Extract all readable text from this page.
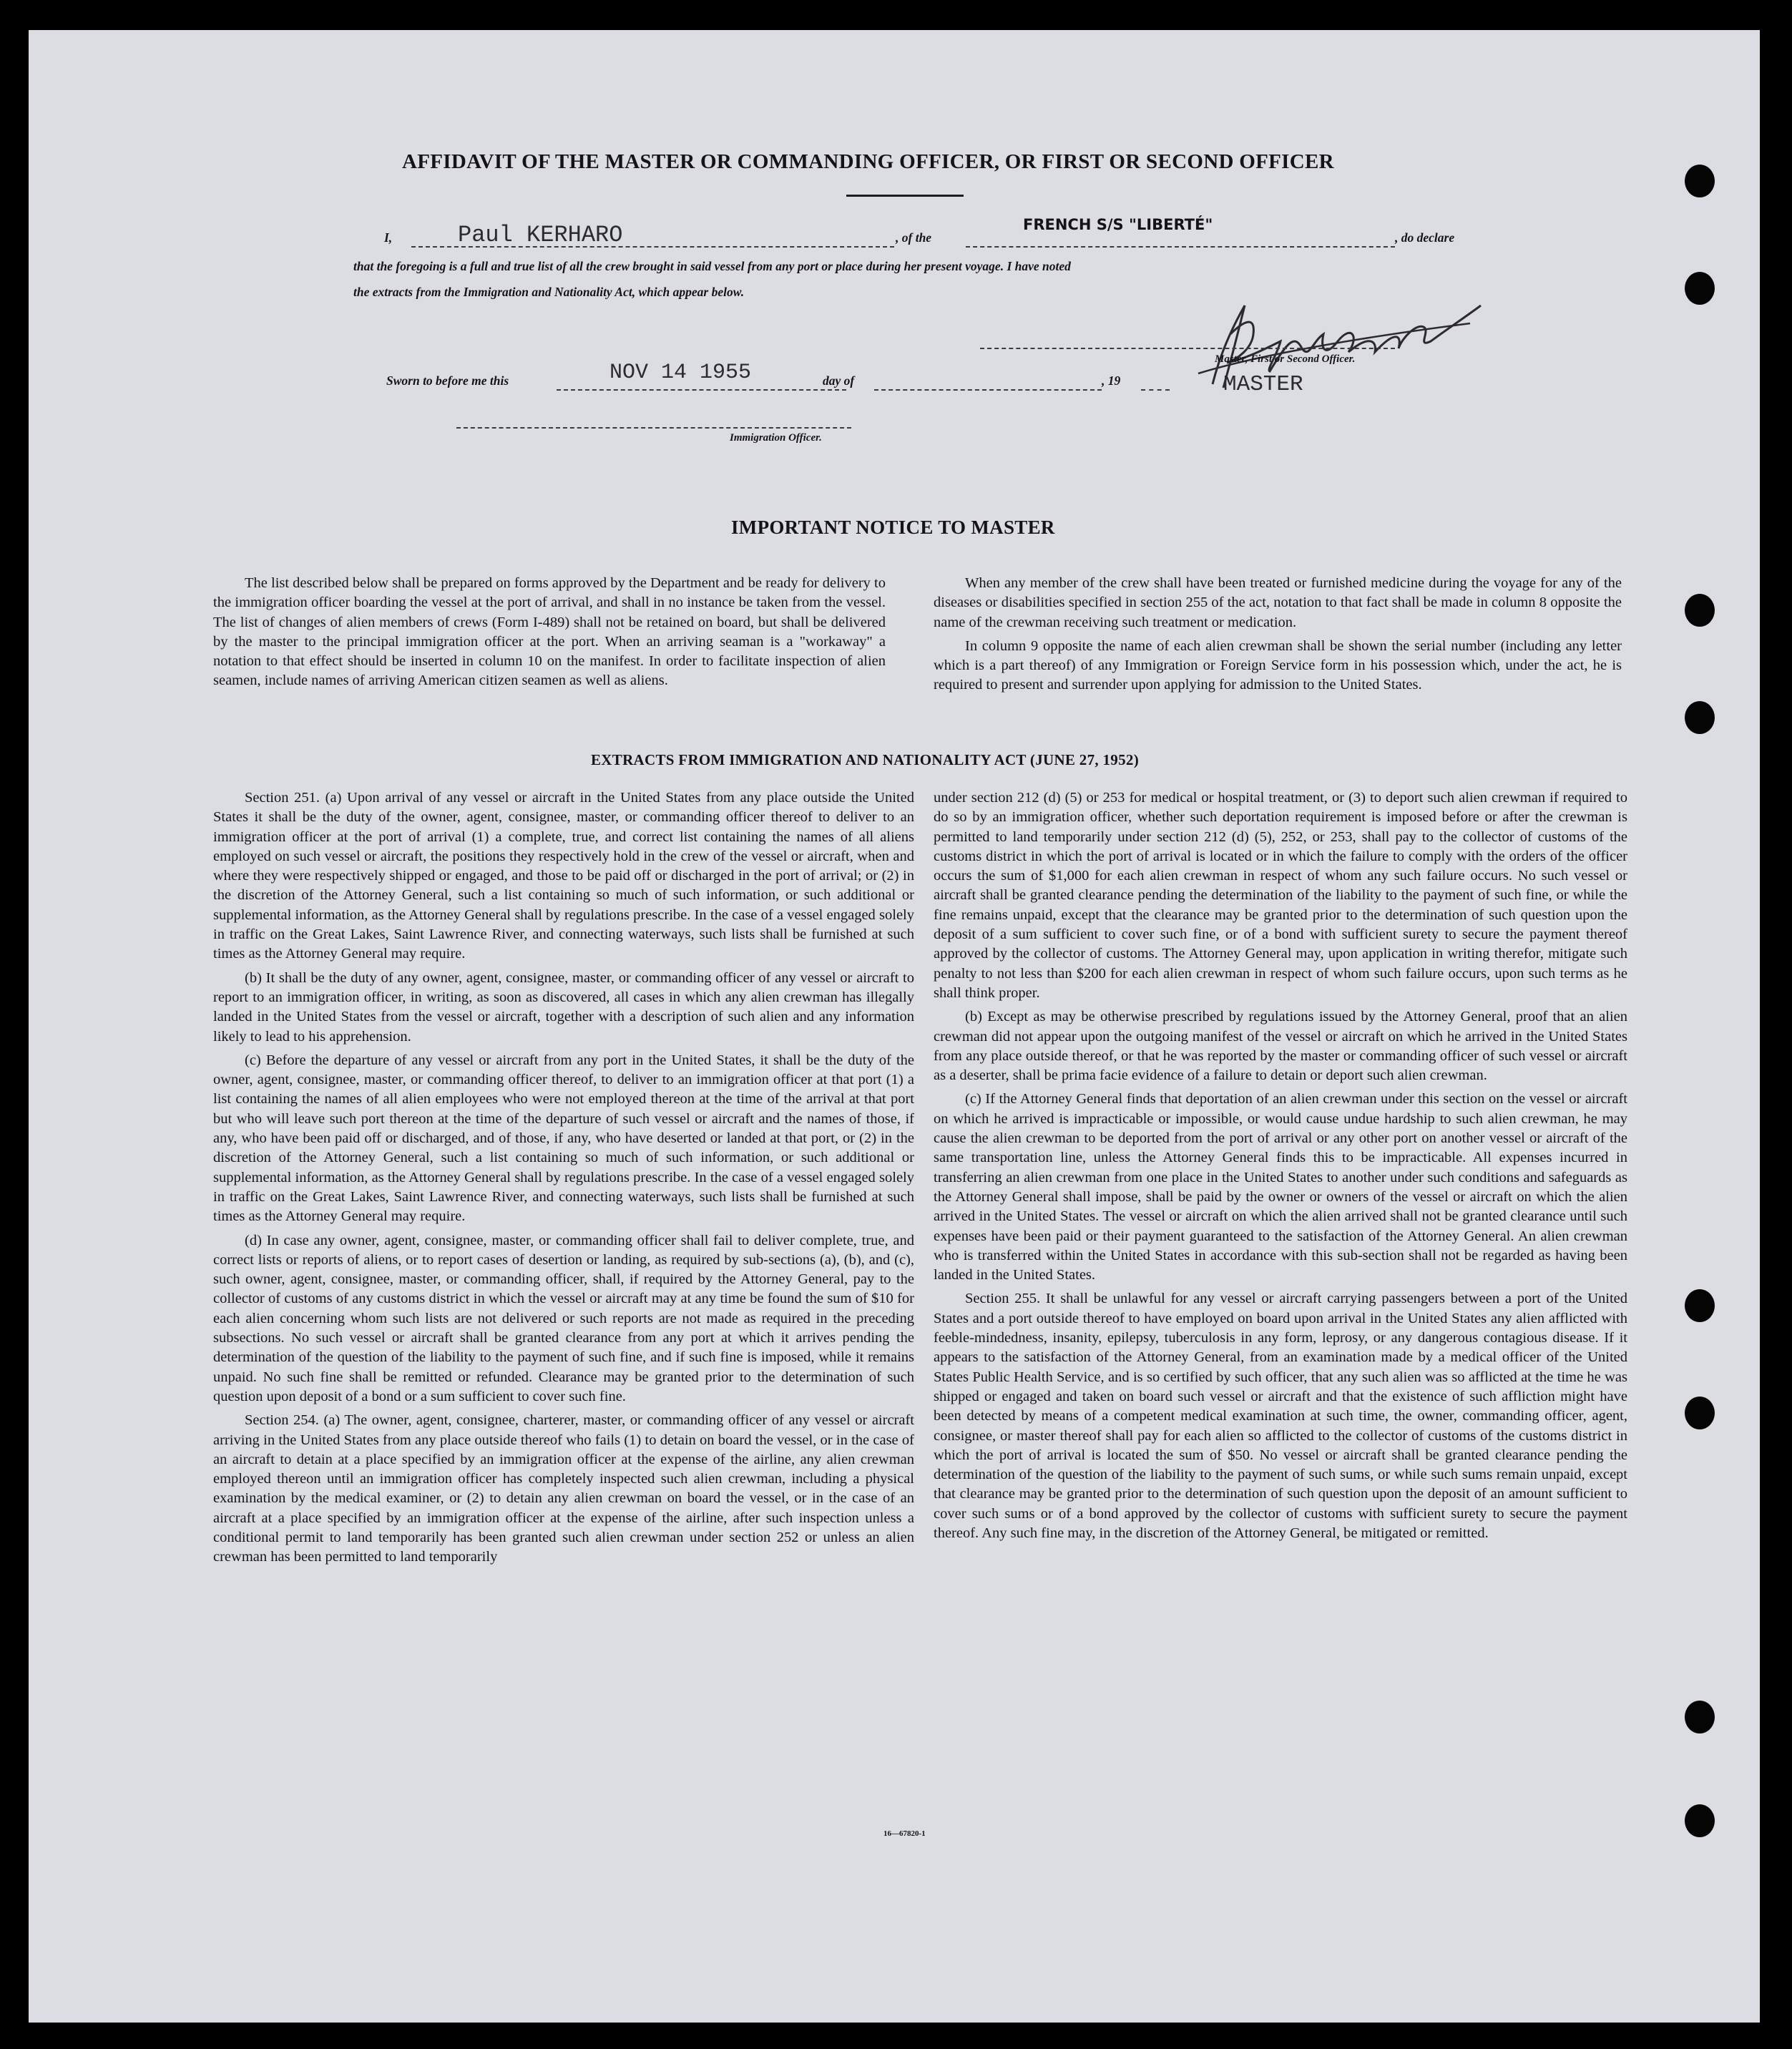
AFFIDAVIT OF THE MASTER OR COMMANDING OFFICER, OR FIRST OR SECOND OFFICER
I,	Paul KERHARO	, of the
FRENCH S/S "LIBERTÉ"
, do declare
that the foregoing is a full and true list of all the crew brought in said vessel from any port or place during her present voyage. I have noted
the extracts from the Immigration and Nationality Act, which appear below.
Master, First or Second Officer.
MASTER
Sworn to before me this	NOV 14 1955	day of	, 19
Immigration Officer.
IMPORTANT NOTICE TO MASTER

The list described below shall be prepared on forms approved by the Department and be ready for delivery to the immigration officer boarding the vessel at the port of arrival, and shall in no instance be taken from the vessel. The list of changes of alien members of crews (Form I-489) shall not be retained on board, but shall be delivered by the master to the principal immigration officer at the port. When an arriving seaman is a "workaway" a notation to that effect should be inserted in column 10 on the manifest. In order to facilitate inspection of alien seamen, include names of arriving American citizen seamen as well as aliens.

When any member of the crew shall have been treated or furnished medicine during the voyage for any of the diseases or disabilities specified in section 255 of the act, notation to that fact shall be made in column 8 opposite the name of the crewman receiving such treatment or medication.

In column 9 opposite the name of each alien crewman shall be shown the serial number (including any letter which is a part thereof) of any Immigration or Foreign Service form in his possession which, under the act, he is required to present and surrender upon applying for admission to the United States.

EXTRACTS FROM IMMIGRATION AND NATIONALITY ACT (JUNE 27, 1952)

Section 251. (a) Upon arrival of any vessel or aircraft in the United States from any place outside the United States it shall be the duty of the owner, agent, consignee, master, or commanding officer thereof to deliver to an immigration officer at the port of arrival (1) a complete, true, and correct list containing the names of all aliens employed on such vessel or aircraft, the positions they respectively hold in the crew of the vessel or aircraft, when and where they were respectively shipped or engaged, and those to be paid off or discharged in the port of arrival; or (2) in the discretion of the Attorney General, such a list containing so much of such information, or such additional or supplemental information, as the Attorney General shall by regulations prescribe. In the case of a vessel engaged solely in traffic on the Great Lakes, Saint Lawrence River, and connecting waterways, such lists shall be furnished at such times as the Attorney General may require.

(b) It shall be the duty of any owner, agent, consignee, master, or commanding officer of any vessel or aircraft to report to an immigration officer, in writing, as soon as discovered, all cases in which any alien crewman has illegally landed in the United States from the vessel or aircraft, together with a description of such alien and any information likely to lead to his apprehension.

(c) Before the departure of any vessel or aircraft from any port in the United States, it shall be the duty of the owner, agent, consignee, master, or commanding officer thereof, to deliver to an immigration officer at that port (1) a list containing the names of all alien employees who were not employed thereon at the time of the arrival at that port but who will leave such port thereon at the time of the departure of such vessel or aircraft and the names of those, if any, who have been paid off or discharged, and of those, if any, who have deserted or landed at that port, or (2) in the discretion of the Attorney General, such a list containing so much of such information, or such additional or supplemental information, as the Attorney General shall by regulations prescribe. In the case of a vessel engaged solely in traffic on the Great Lakes, Saint Lawrence River, and connecting waterways, such lists shall be furnished at such times as the Attorney General may require.

(d) In case any owner, agent, consignee, master, or commanding officer shall fail to deliver complete, true, and correct lists or reports of aliens, or to report cases of desertion or landing, as required by sub-sections (a), (b), and (c), such owner, agent, consignee, master, or commanding officer, shall, if required by the Attorney General, pay to the collector of customs of any customs district in which the vessel or aircraft may at any time be found the sum of $10 for each alien concerning whom such lists are not delivered or such reports are not made as required in the preceding subsections. No such vessel or aircraft shall be granted clearance from any port at which it arrives pending the determination of the question of the liability to the payment of such fine, and if such fine is imposed, while it remains unpaid. No such fine shall be remitted or refunded. Clearance may be granted prior to the determination of such question upon deposit of a bond or a sum sufficient to cover such fine.

Section 254. (a) The owner, agent, consignee, charterer, master, or commanding officer of any vessel or aircraft arriving in the United States from any place outside thereof who fails (1) to detain on board the vessel, or in the case of an aircraft to detain at a place specified by an immigration officer at the expense of the airline, any alien crewman employed thereon until an immigration officer has completely inspected such alien crewman, including a physical examination by the medical examiner, or (2) to detain any alien crewman on board the vessel, or in the case of an aircraft at a place specified by an immigration officer at the expense of the airline, after such inspection unless a conditional permit to land temporarily has been granted such alien crewman under section 252 or unless an alien crewman has been permitted to land temporarily

under section 212 (d) (5) or 253 for medical or hospital treatment, or (3) to deport such alien crewman if required to do so by an immigration officer, whether such deportation requirement is imposed before or after the crewman is permitted to land temporarily under section 212 (d) (5), 252, or 253, shall pay to the collector of customs of the customs district in which the port of arrival is located or in which the failure to comply with the orders of the officer occurs the sum of $1,000 for each alien crewman in respect of whom any such failure occurs. No such vessel or aircraft shall be granted clearance pending the determination of the liability to the payment of such fine, or while the fine remains unpaid, except that the clearance may be granted prior to the determination of such question upon the deposit of a sum sufficient to cover such fine, or of a bond with sufficient surety to secure the payment thereof approved by the collector of customs. The Attorney General may, upon application in writing therefor, mitigate such penalty to not less than $200 for each alien crewman in respect of whom such failure occurs, upon such terms as he shall think proper.

(b) Except as may be otherwise prescribed by regulations issued by the Attorney General, proof that an alien crewman did not appear upon the outgoing manifest of the vessel or aircraft on which he arrived in the United States from any place outside thereof, or that he was reported by the master or commanding officer of such vessel or aircraft as a deserter, shall be prima facie evidence of a failure to detain or deport such alien crewman.

(c) If the Attorney General finds that deportation of an alien crewman under this section on the vessel or aircraft on which he arrived is impracticable or impossible, or would cause undue hardship to such alien crewman, he may cause the alien crewman to be deported from the port of arrival or any other port on another vessel or aircraft of the same transportation line, unless the Attorney General finds this to be impracticable. All expenses incurred in transferring an alien crewman from one place in the United States to another under such conditions and safeguards as the Attorney General shall impose, shall be paid by the owner or owners of the vessel or aircraft on which the alien arrived in the United States. The vessel or aircraft on which the alien arrived shall not be granted clearance until such expenses have been paid or their payment guaranteed to the satisfaction of the Attorney General. An alien crewman who is transferred within the United States in accordance with this sub-section shall not be regarded as having been landed in the United States.

Section 255. It shall be unlawful for any vessel or aircraft carrying passengers between a port of the United States and a port outside thereof to have employed on board upon arrival in the United States any alien afflicted with feeble-mindedness, insanity, epilepsy, tuberculosis in any form, leprosy, or any dangerous contagious disease. If it appears to the satisfaction of the Attorney General, from an examination made by a medical officer of the United States Public Health Service, and is so certified by such officer, that any such alien was so afflicted at the time he was shipped or engaged and taken on board such vessel or aircraft and that the existence of such affliction might have been detected by means of a competent medical examination at such time, the owner, commanding officer, agent, consignee, or master thereof shall pay for each alien so afflicted to the collector of customs of the customs district in which the port of arrival is located the sum of $50. No vessel or aircraft shall be granted clearance pending the determination of the question of the liability to the payment of such sums, or while such sums remain unpaid, except that clearance may be granted prior to the determination of such question upon the deposit of an amount sufficient to cover such sums or of a bond approved by the collector of customs with sufficient surety to secure the payment thereof. Any such fine may, in the discretion of the Attorney General, be mitigated or remitted.

16—67820-1
